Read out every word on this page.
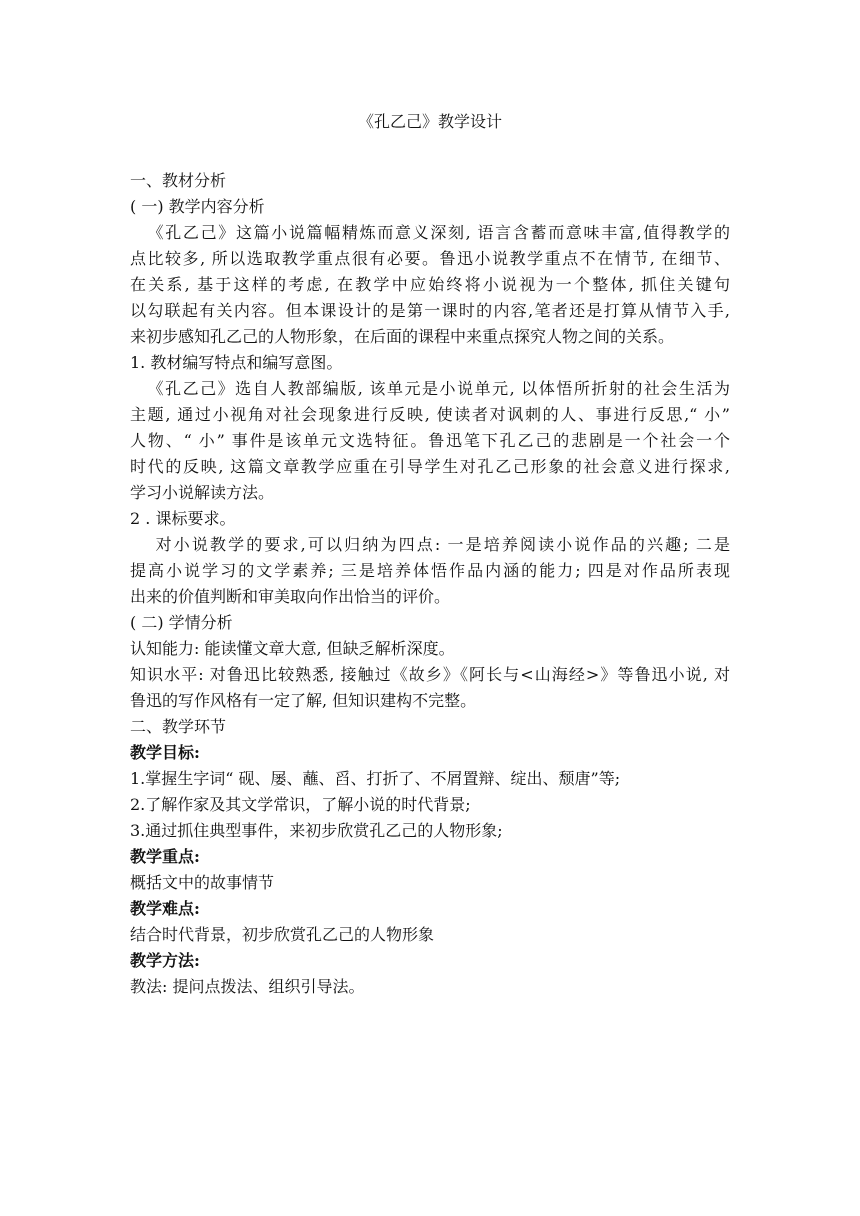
《孔乙己》教学设计

一、教材分析

( 一) 教学内容分析

《孔乙己》这篇小说篇幅精炼而意义深刻, 语言含蓄而意味丰富,值得教学的

点比较多, 所以选取教学重点很有必要。鲁迅小说教学重点不在情节, 在细节、

在关系, 基于这样的考虑, 在教学中应始终将小说视为一个整体, 抓住关键句

以勾联起有关内容。但本课设计的是第一课时的内容,笔者还是打算从情节入手,

来初步感知孔乙己的人物形象，在后面的课程中来重点探究人物之间的关系。

1. 教材编写特点和编写意图。

《孔乙己》选自人教部编版, 该单元是小说单元, 以体悟所折射的社会生活为

主题, 通过小视角对社会现象进行反映, 使读者对讽刺的人、事进行反思,“ 小”

人物、“ 小” 事件是该单元文选特征。鲁迅笔下孔乙己的悲剧是一个社会一个

时代的反映, 这篇文章教学应重在引导学生对孔乙己形象的社会意义进行探求,

学习小说解读方法。

2 . 课标要求。

对小说教学的要求,可以归纳为四点: 一是培养阅读小说作品的兴趣; 二是

提高小说学习的文学素养; 三是培养体悟作品内涵的能力; 四是对作品所表现

出来的价值判断和审美取向作出恰当的评价。

( 二) 学情分析

认知能力: 能读懂文章大意, 但缺乏解析深度。

知识水平: 对鲁迅比较熟悉, 接触过《故乡》《阿长与<山海经>》等鲁迅小说, 对

鲁迅的写作风格有一定了解, 但知识建构不完整。

二、教学环节

教学目标:

1.掌握生字词“ 砚、屡、蘸、舀、打折了、不屑置辩、绽出、颓唐”等;

2.了解作家及其文学常识，了解小说的时代背景;

3.通过抓住典型事件，来初步欣赏孔乙己的人物形象;

教学重点:

概括文中的故事情节

教学难点:

结合时代背景，初步欣赏孔乙己的人物形象

教学方法:

教法: 提问点拨法、组织引导法。
